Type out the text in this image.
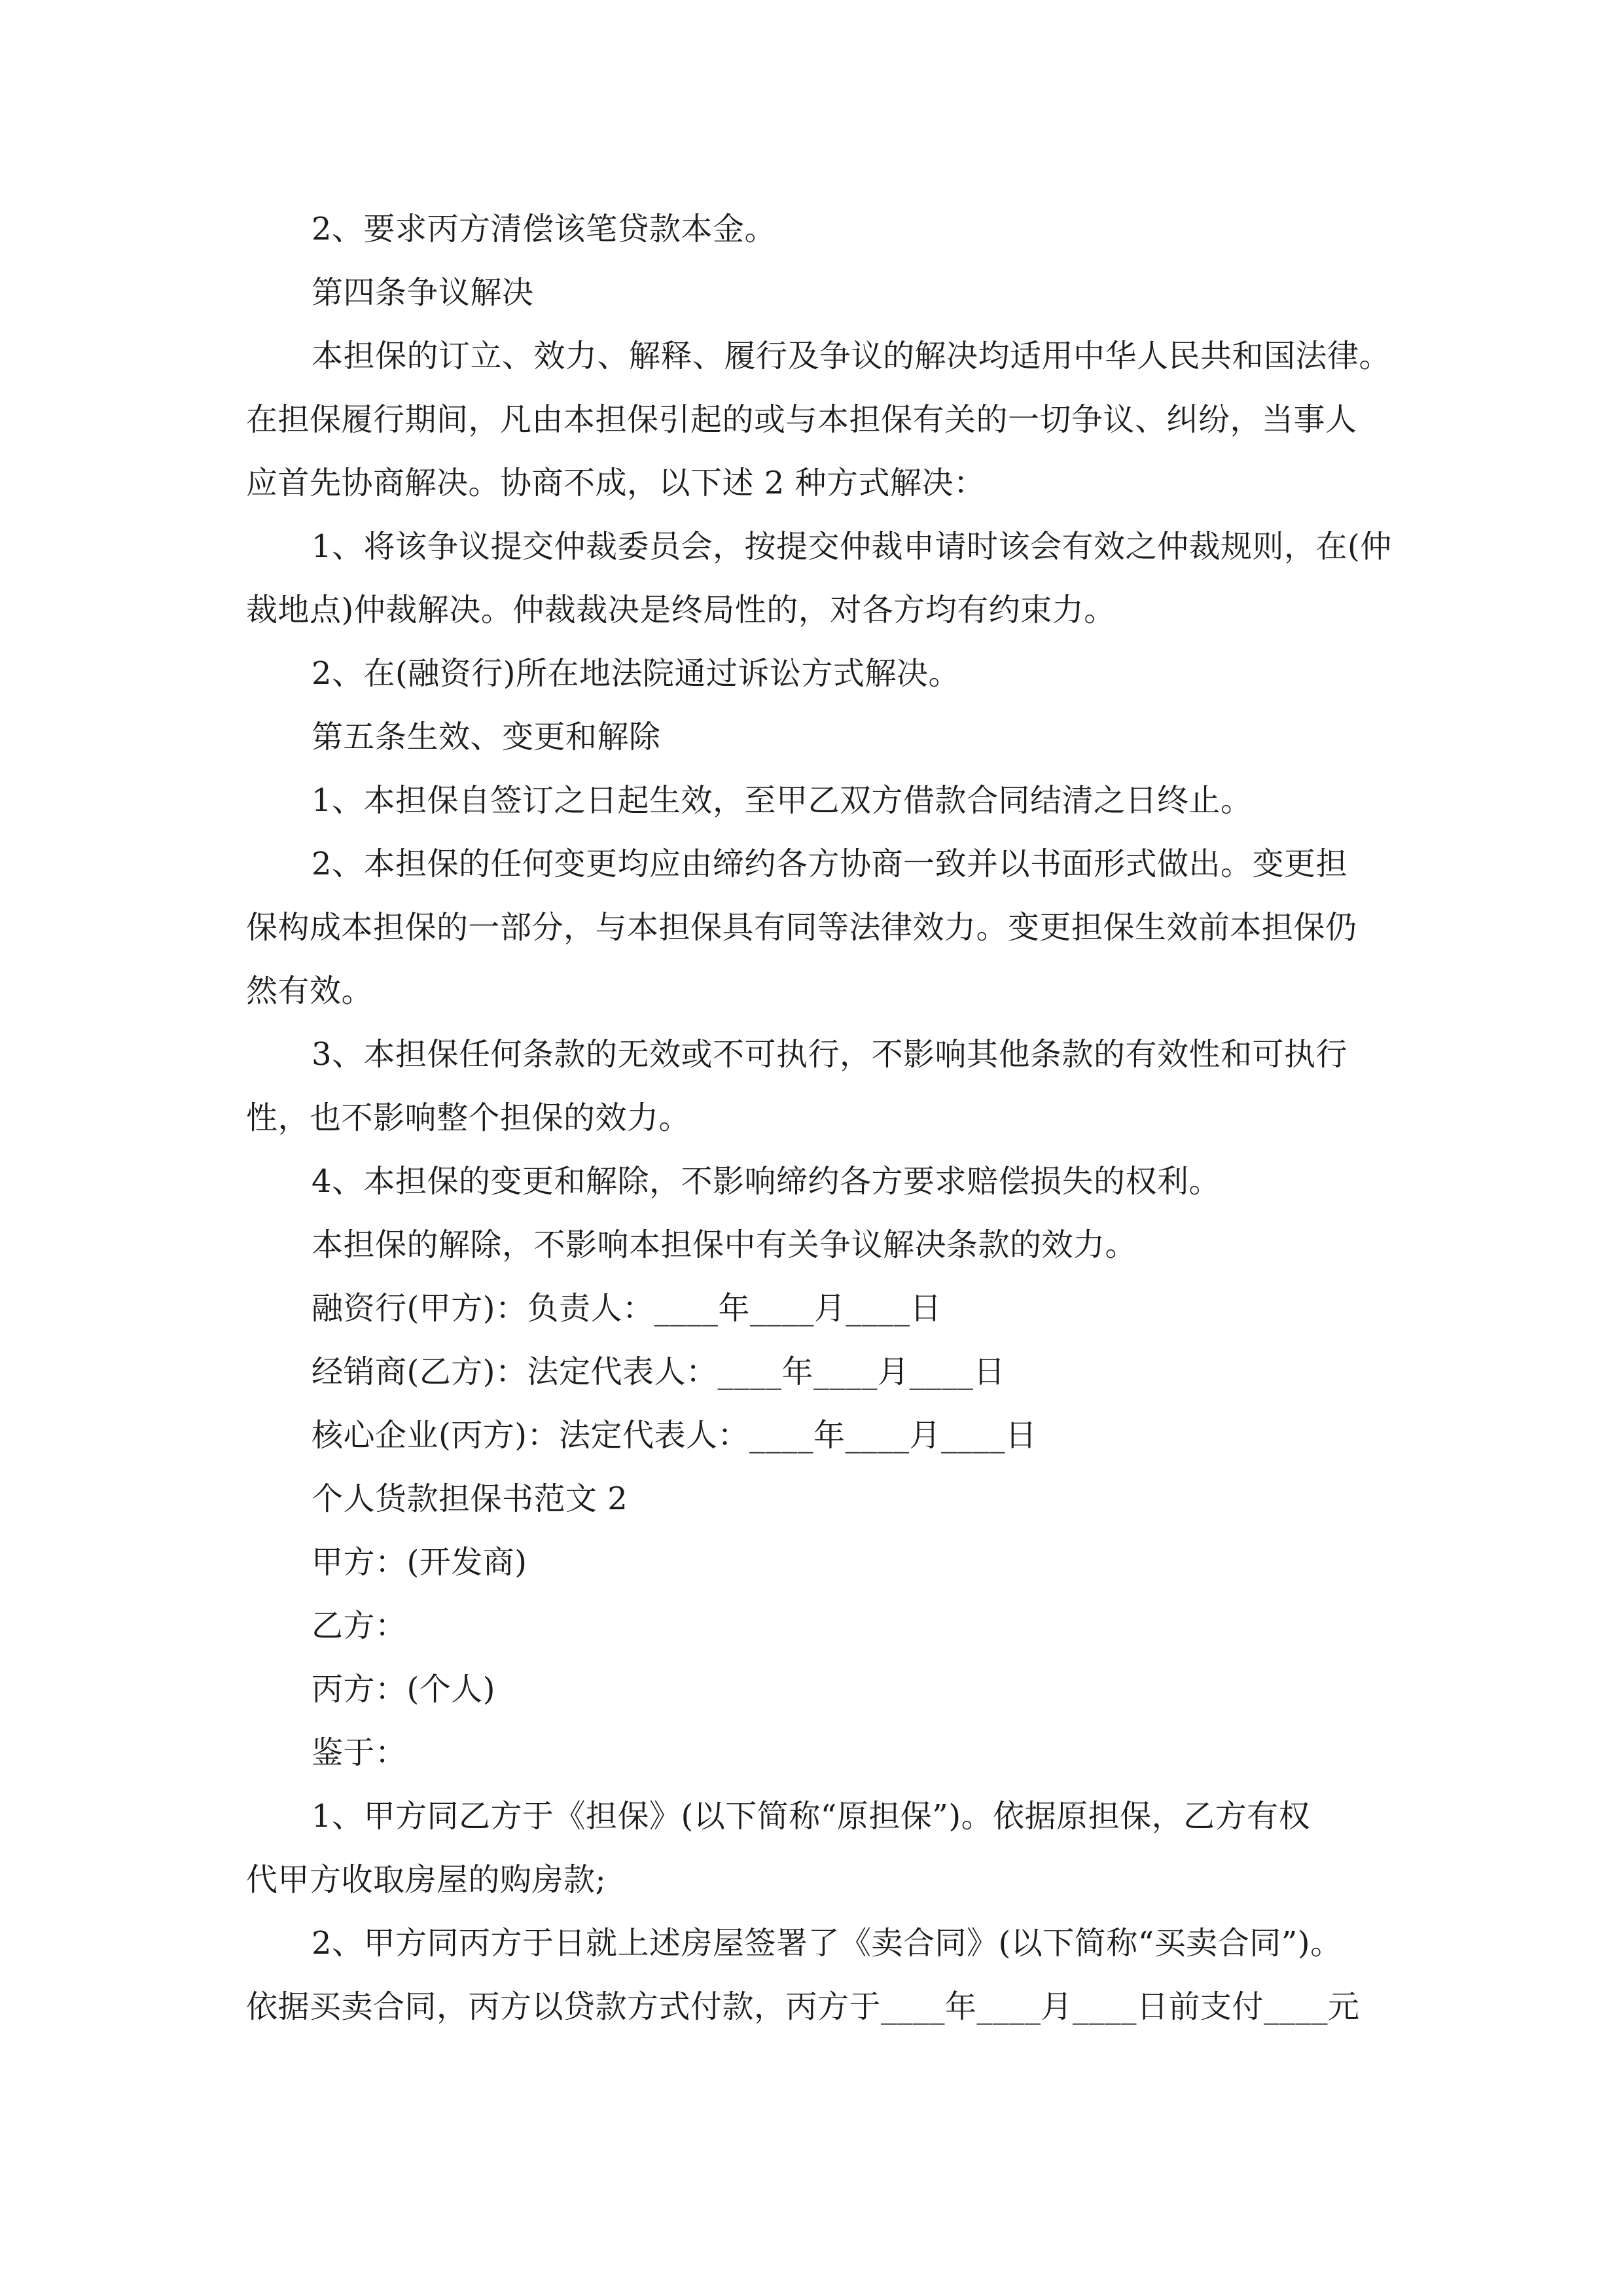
2、要求丙方清偿该笔贷款本金。
第四条争议解决
本担保的订立、效力、解释、履行及争议的解决均适用中华人民共和国法律。
在担保履行期间，凡由本担保引起的或与本担保有关的一切争议、纠纷，当事人
应首先协商解决。协商不成，以下述 2 种方式解决：
1、将该争议提交仲裁委员会，按提交仲裁申请时该会有效之仲裁规则，在(仲
裁地点)仲裁解决。仲裁裁决是终局性的，对各方均有约束力。
2、在(融资行)所在地法院通过诉讼方式解决。
第五条生效、变更和解除
1、本担保自签订之日起生效，至甲乙双方借款合同结清之日终止。
2、本担保的任何变更均应由缔约各方协商一致并以书面形式做出。变更担
保构成本担保的一部分，与本担保具有同等法律效力。变更担保生效前本担保仍
然有效。
3、本担保任何条款的无效或不可执行，不影响其他条款的有效性和可执行
性，也不影响整个担保的效力。
4、本担保的变更和解除，不影响缔约各方要求赔偿损失的权利。
本担保的解除，不影响本担保中有关争议解决条款的效力。
融资行(甲方)：负责人：____年____月____日
经销商(乙方)：法定代表人：____年____月____日
核心企业(丙方)：法定代表人：____年____月____日
个人货款担保书范文 2
甲方：(开发商)
乙方：
丙方：(个人)
鉴于：
1、甲方同乙方于《担保》(以下简称“原担保”)。依据原担保，乙方有权
代甲方收取房屋的购房款;
2、甲方同丙方于日就上述房屋签署了《卖合同》(以下简称“买卖合同”)。
依据买卖合同，丙方以贷款方式付款，丙方于____年____月____日前支付____元
